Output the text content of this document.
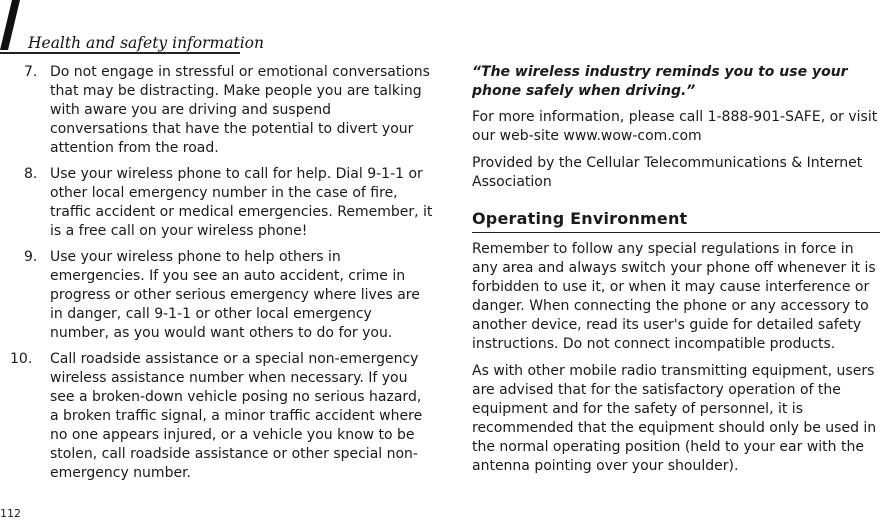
Health and safety information
7. Do not engage in stressful or emotional conversations that may be distracting. Make people you are talking with aware you are driving and suspend conversations that have the potential to divert your attention from the road.
8. Use your wireless phone to call for help. Dial 9-1-1 or other local emergency number in the case of fire, traffic accident or medical emergencies. Remember, it is a free call on your wireless phone!
9. Use your wireless phone to help others in emergencies. If you see an auto accident, crime in progress or other serious emergency where lives are in danger, call 9-1-1 or other local emergency number, as you would want others to do for you.
10.	Call roadside assistance or a special non-emergency wireless assistance number when necessary. If you see a broken-down vehicle posing no serious hazard, a broken traffic signal, a minor traffic accident where no one appears injured, or a vehicle you know to be stolen, call roadside assistance or other special non-emergency number.

“The wireless industry reminds you to use your phone safely when driving.”

For more information, please call 1-888-901-SAFE, or visit our web-site www.wow-com.com

Provided by the Cellular Telecommunications & Internet Association

Operating Environment

Remember to follow any special regulations in force in any area and always switch your phone off whenever it is forbidden to use it, or when it may cause interference or danger. When connecting the phone or any accessory to another device, read its user's guide for detailed safety instructions. Do not connect incompatible products.

As with other mobile radio transmitting equipment, users are advised that for the satisfactory operation of the equipment and for the safety of personnel, it is recommended that the equipment should only be used in the normal operating position (held to your ear with the antenna pointing over your shoulder).

112
